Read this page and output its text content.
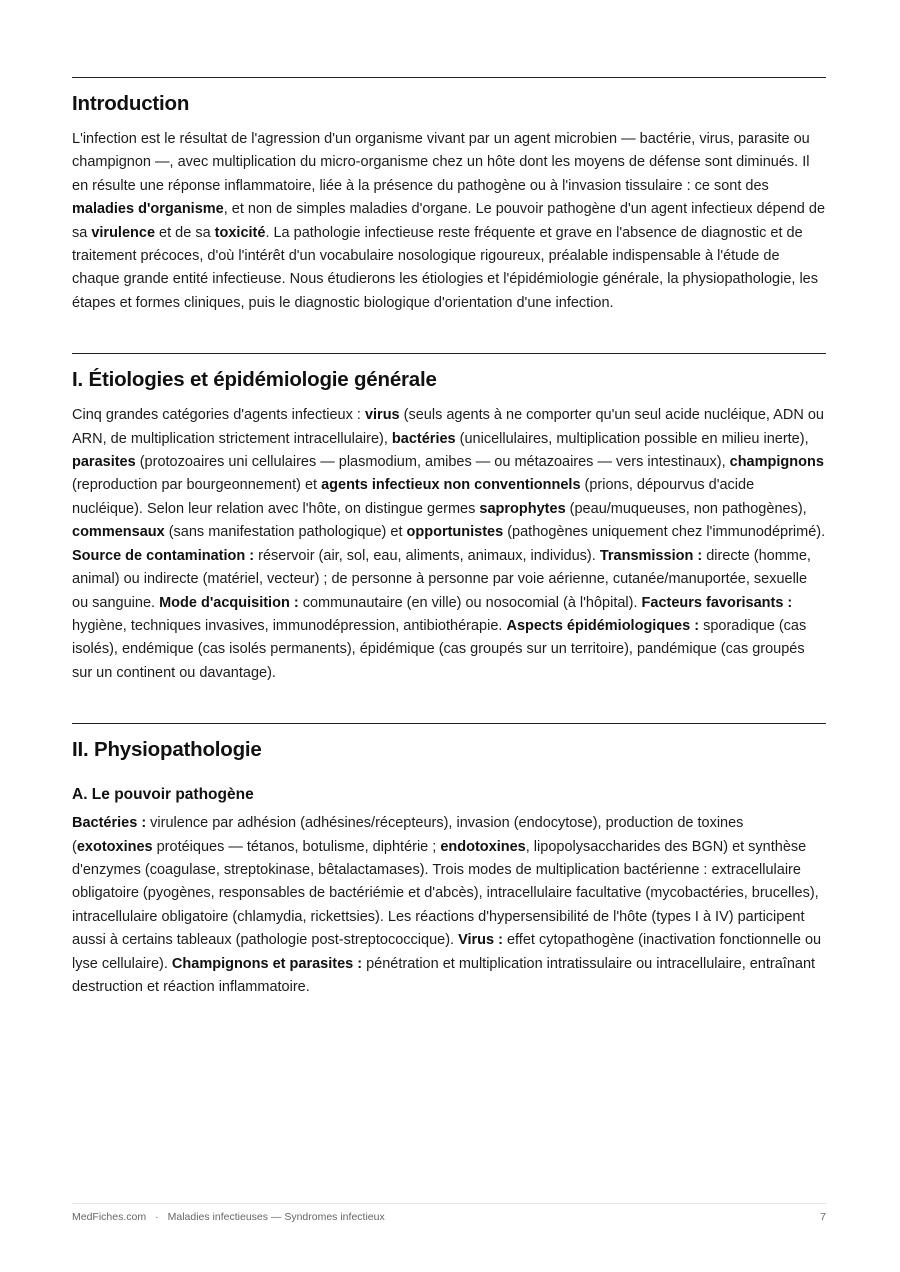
Introduction

L'infection est le résultat de l'agression d'un organisme vivant par un agent microbien — bactérie, virus, parasite ou champignon —, avec multiplication du micro-organisme chez un hôte dont les moyens de défense sont diminués. Il en résulte une réponse inflammatoire, liée à la présence du pathogène ou à l'invasion tissulaire : ce sont des maladies d'organisme, et non de simples maladies d'organe. Le pouvoir pathogène d'un agent infectieux dépend de sa virulence et de sa toxicité. La pathologie infectieuse reste fréquente et grave en l'absence de diagnostic et de traitement précoces, d'où l'intérêt d'un vocabulaire nosologique rigoureux, préalable indispensable à l'étude de chaque grande entité infectieuse. Nous étudierons les étiologies et l'épidémiologie générale, la physiopathologie, les étapes et formes cliniques, puis le diagnostic biologique d'orientation d'une infection.

I. Étiologies et épidémiologie générale

Cinq grandes catégories d'agents infectieux : virus (seuls agents à ne comporter qu'un seul acide nucléique, ADN ou ARN, de multiplication strictement intracellulaire), bactéries (unicellulaires, multiplication possible en milieu inerte), parasites (protozoaires uni cellulaires — plasmodium, amibes — ou métazoaires — vers intestinaux), champignons (reproduction par bourgeonnement) et agents infectieux non conventionnels (prions, dépourvus d'acide nucléique). Selon leur relation avec l'hôte, on distingue germes saprophytes (peau/muqueuses, non pathogènes), commensaux (sans manifestation pathologique) et opportunistes (pathogènes uniquement chez l'immunodéprimé). Source de contamination : réservoir (air, sol, eau, aliments, animaux, individus). Transmission : directe (homme, animal) ou indirecte (matériel, vecteur) ; de personne à personne par voie aérienne, cutanée/manuportée, sexuelle ou sanguine. Mode d'acquisition : communautaire (en ville) ou nosocomial (à l'hôpital). Facteurs favorisants : hygiène, techniques invasives, immunodépression, antibiothérapie. Aspects épidémiologiques : sporadique (cas isolés), endémique (cas isolés permanents), épidémique (cas groupés sur un territoire), pandémique (cas groupés sur un continent ou davantage).

II. Physiopathologie
A. Le pouvoir pathogène

Bactéries : virulence par adhésion (adhésines/récepteurs), invasion (endocytose), production de toxines (exotoxines protéiques — tétanos, botulisme, diphtérie ; endotoxines, lipopolysaccharides des BGN) et synthèse d'enzymes (coagulase, streptokinase, bêtalactamases). Trois modes de multiplication bactérienne : extracellulaire obligatoire (pyogènes, responsables de bactériémie et d'abcès), intracellulaire facultative (mycobactéries, brucelles), intracellulaire obligatoire (chlamydia, rickettsies). Les réactions d'hypersensibilité de l'hôte (types I à IV) participent aussi à certains tableaux (pathologie post-streptococcique). Virus : effet cytopathogène (inactivation fonctionnelle ou lyse cellulaire). Champignons et parasites : pénétration et multiplication intratissulaire ou intracellulaire, entraînant destruction et réaction inflammatoire.

MedFiches.com · Maladies infectieuses — Syndromes infectieux	7
